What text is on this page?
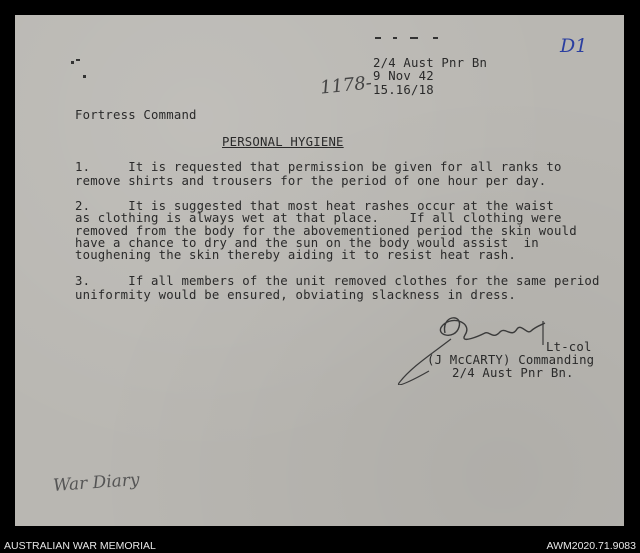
D1
2/4 Aust Pnr Bn
9 Nov 42
15.16/18
1178-
Fortress Command
PERSONAL HYGIENE
1.     It is requested that permission be given for all ranks to
remove shirts and trousers for the period of one hour per day.
2.     It is suggested that most heat rashes occur at the waist
as clothing is always wet at that place.    If all clothing were
removed from the body for the abovementioned period the skin would
have a chance to dry and the sun on the body would assist  in
toughening the skin thereby aiding it to resist heat rash.
3.     If all members of the unit removed clothes for the same period
uniformity would be ensured, obviating slackness in dress.
J McCarty
Lt-col
(J McCARTY) Commanding
2/4 Aust Pnr Bn.
War Diary
AUSTRALIAN WAR MEMORIAL	AWM2020.71.9083
